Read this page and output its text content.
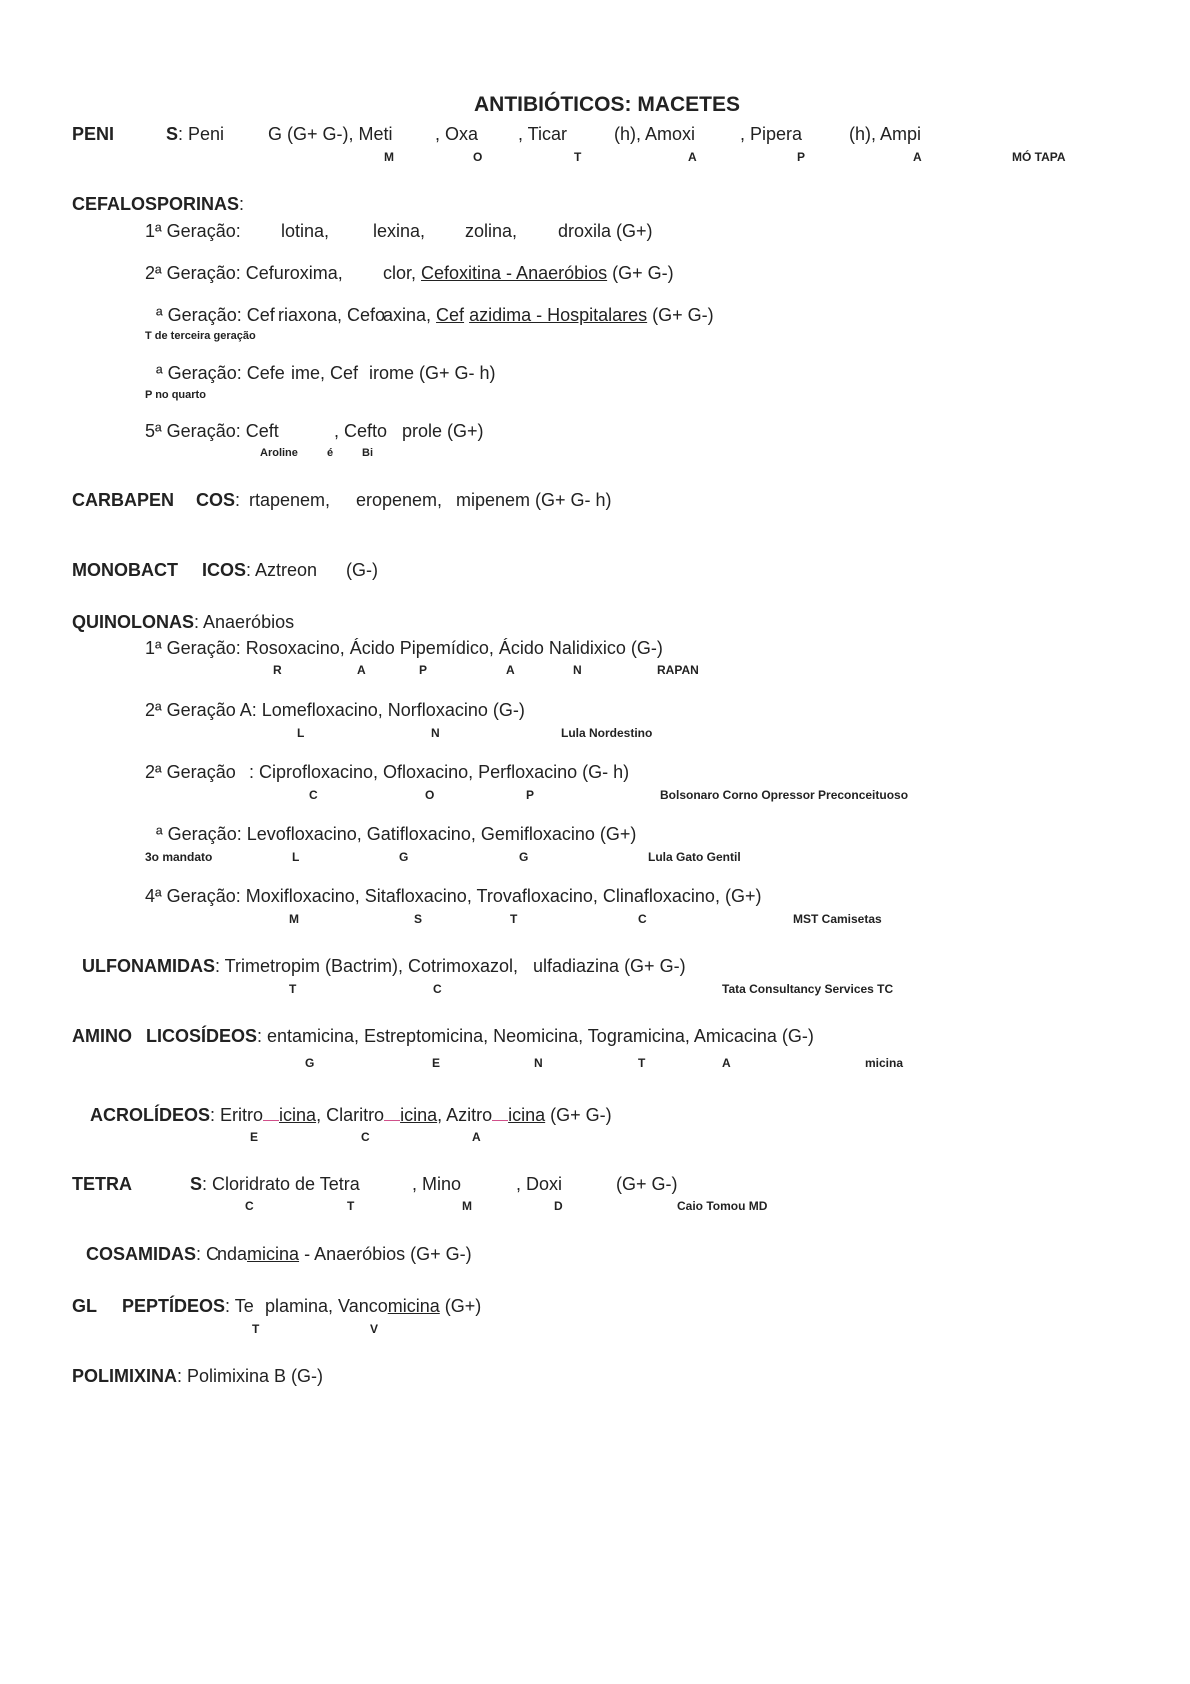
ANTIBIÓTICOS: MACETES
PENI	S: Peni G (G+ G-), Meti , Oxa , Ticar	(h), Amoxi , Pipera	(h), Ampi
M	O	T	A	P	A	MÓ TAPA
CEFALOSPORINAS:
1ª Geração: lotina, lexina, zolina, droxila (G+)
2ª Geração: Cefuroxima, clor, Cefoxitina - Anaeróbios (G+ G-)
ª Geração: Cef riaxona, Cefo
axina, Cef azidima - Hospitalares (G+ G-)
T de terceira geração
ª Geração: Cefe ime, Cef irome (G+ G- h)
P no quarto
5ª Geração: Ceft	, Cefto prole (G+)
Aroline	é	Bi
CARBAPEN COS: rtapenem, eropenem, mipenem (G+ G- h)
MONOBACT ICOS: Aztreon (G-)
QUINOLONAS: Anaeróbios
1ª Geração: Rosoxacino, Ácido Pipemídico, Ácido Nalidixico (G-)
R	A	P	A	N	RAPAN
2ª Geração A: Lomefloxacino, Norfloxacino (G-)
L	N	Lula Nordestino
2ª Geração : Ciprofloxacino, Ofloxacino, Perfloxacino (G- h)
C	O	P	Bolsonaro Corno Opressor Preconceituoso
ª Geração: Levofloxacino, Gatifloxacino, Gemifloxacino (G+)
3o mandato	L	G	G	Lula Gato Gentil
4ª Geração: Moxifloxacino, Sitafloxacino, Trovafloxacino, Clinafloxacino, (G+)
M	S	T	C	MST Camisetas
ULFONAMIDAS: Trimetropim (Bactrim), Cotrimoxazol, ulfadiazina (G+ G-)
T	C	Tata Consultancy Services TC
AMINO LICOSÍDEOS: entamicina, Estreptomicina, Neomicina, Togramicina, Amicacina (G-)
G	E	N	T	A	micina
ACROLÍDEOS: Eritro icina, Claritro icina, Azitro icina (G+ G-)
E	C	A
TETRA	S: Cloridrato de Tetra	, Mino	, Doxi	(G+ G-)
C	T	M	D	Caio Tomou MD
COSAMIDAS: C
ndamicina - Anaeróbios (G+ G-)
GL PEPTÍDEOS: Te plamina, Vancomicina (G+)
T	V
POLIMIXINA: Polimixina B (G-)
